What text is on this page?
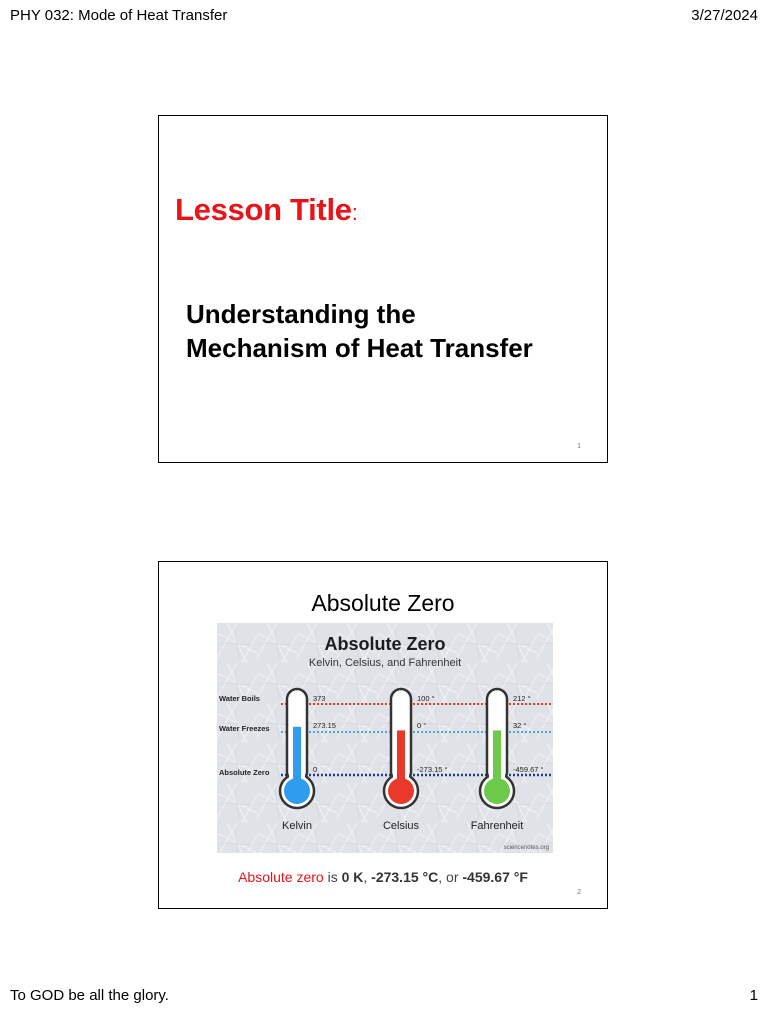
PHY 032: Mode of Heat Transfer	3/27/2024
Lesson Title:
Understanding the
Mechanism of Heat Transfer
1
Absolute Zero
Absolute Zero
Kelvin, Celsius, and Fahrenheit
Water Boils
Water Freezes
Absolute Zero
373
273.15
0
Kelvin
100 °
0 °
-273.15 °
Celsius
212 °
32 °
-459.67 °
Fahrenheit
sciencenotes.org
Absolute zero is 0 K, -273.15 °C, or -459.67 °F
2
To GOD be all the glory.	1
